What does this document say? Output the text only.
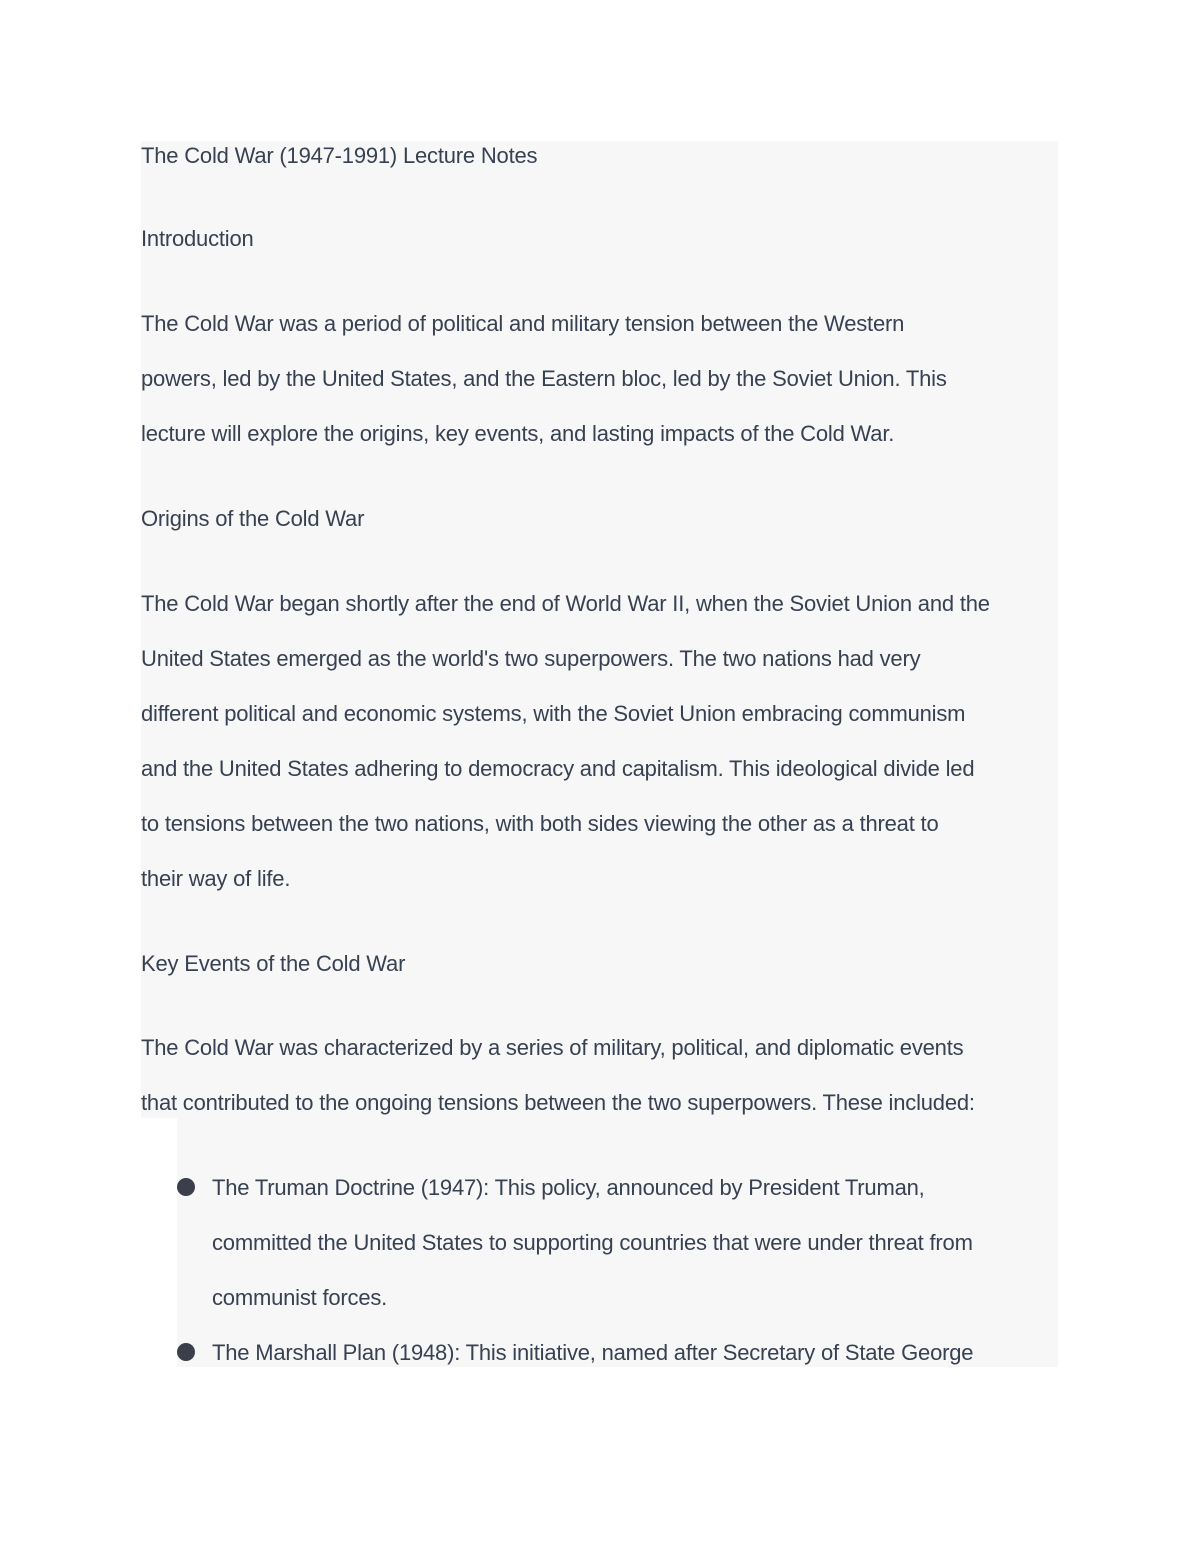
The Cold War (1947-1991) Lecture Notes
Introduction
The Cold War was a period of political and military tension between the Western
powers, led by the United States, and the Eastern bloc, led by the Soviet Union. This
lecture will explore the origins, key events, and lasting impacts of the Cold War.
Origins of the Cold War
The Cold War began shortly after the end of World War II, when the Soviet Union and the
United States emerged as the world's two superpowers. The two nations had very
different political and economic systems, with the Soviet Union embracing communism
and the United States adhering to democracy and capitalism. This ideological divide led
to tensions between the two nations, with both sides viewing the other as a threat to
their way of life.
Key Events of the Cold War
The Cold War was characterized by a series of military, political, and diplomatic events
that contributed to the ongoing tensions between the two superpowers. These included:
The Truman Doctrine (1947): This policy, announced by President Truman,
committed the United States to supporting countries that were under threat from
communist forces.
The Marshall Plan (1948): This initiative, named after Secretary of State George
